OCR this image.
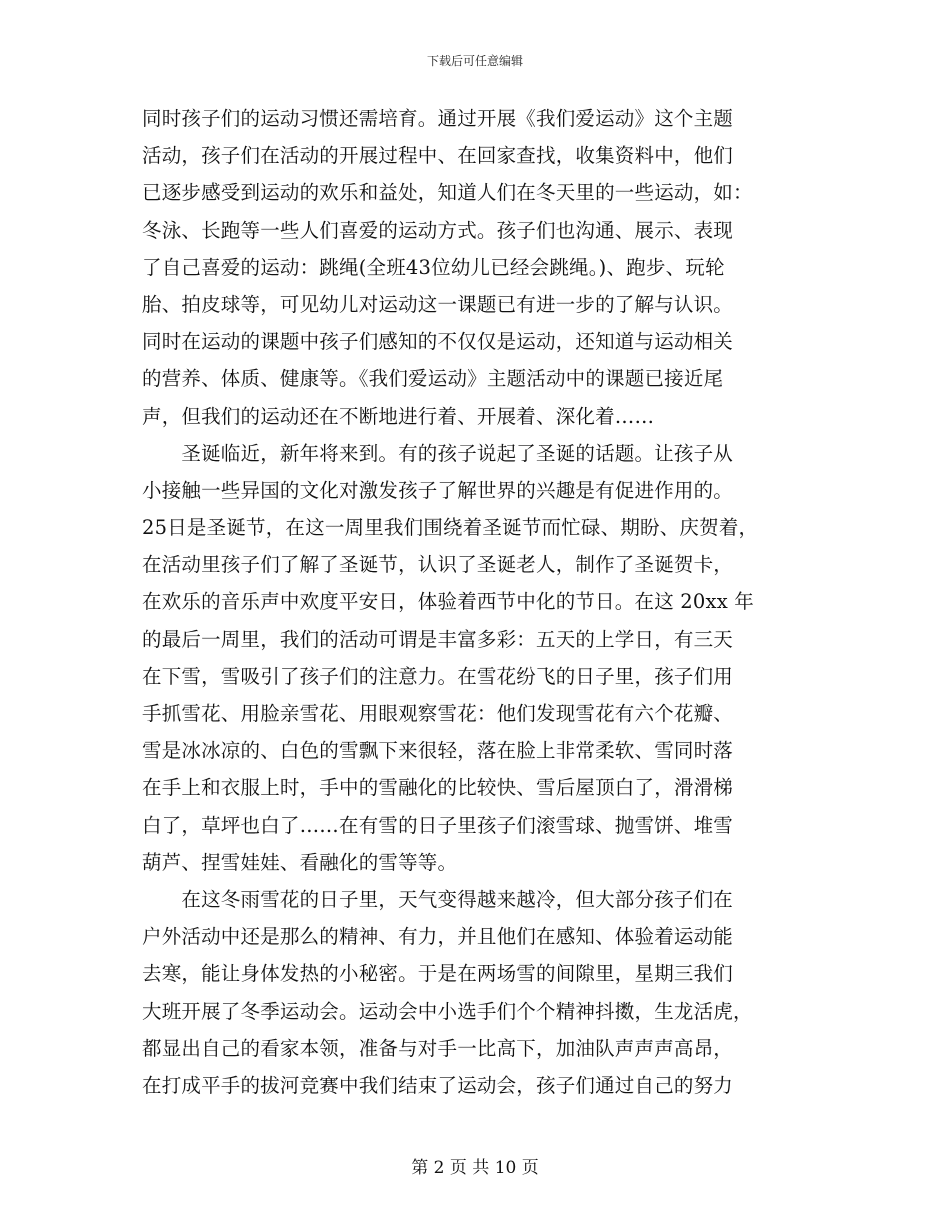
下载后可任意编辑
同时孩子们的运动习惯还需培育。通过开展《我们爱运动》这个主题
活动，孩子们在活动的开展过程中、在回家查找，收集资料中，他们
已逐步感受到运动的欢乐和益处，知道人们在冬天里的一些运动，如：
冬泳、长跑等一些人们喜爱的运动方式。孩子们也沟通、展示、表现
了自己喜爱的运动：跳绳(全班43位幼儿已经会跳绳。)、跑步、玩轮
胎、拍皮球等，可见幼儿对运动这一课题已有进一步的了解与认识。
同时在运动的课题中孩子们感知的不仅仅是运动，还知道与运动相关
的营养、体质、健康等。《我们爱运动》主题活动中的课题已接近尾
声，但我们的运动还在不断地进行着、开展着、深化着……
　　圣诞临近，新年将来到。有的孩子说起了圣诞的话题。让孩子从
小接触一些异国的文化对激发孩子了解世界的兴趣是有促进作用的。
25日是圣诞节，在这一周里我们围绕着圣诞节而忙碌、期盼、庆贺着，
在活动里孩子们了解了圣诞节，认识了圣诞老人，制作了圣诞贺卡，
在欢乐的音乐声中欢度平安日，体验着西节中化的节日。在这 20xx 年
的最后一周里，我们的活动可谓是丰富多彩：五天的上学日，有三天
在下雪，雪吸引了孩子们的注意力。在雪花纷飞的日子里，孩子们用
手抓雪花、用脸亲雪花、用眼观察雪花：他们发现雪花有六个花瓣、
雪是冰冰凉的、白色的雪飘下来很轻，落在脸上非常柔软、雪同时落
在手上和衣服上时，手中的雪融化的比较快、雪后屋顶白了，滑滑梯
白了，草坪也白了……在有雪的日子里孩子们滚雪球、抛雪饼、堆雪
葫芦、捏雪娃娃、看融化的雪等等。
　　在这冬雨雪花的日子里，天气变得越来越冷，但大部分孩子们在
户外活动中还是那么的精神、有力，并且他们在感知、体验着运动能
去寒，能让身体发热的小秘密。于是在两场雪的间隙里，星期三我们
大班开展了冬季运动会。运动会中小选手们个个精神抖擞，生龙活虎，
都显出自己的看家本领，准备与对手一比高下，加油队声声声高昂，
在打成平手的拔河竞赛中我们结束了运动会，孩子们通过自己的努力
第 2 页 共 10 页
